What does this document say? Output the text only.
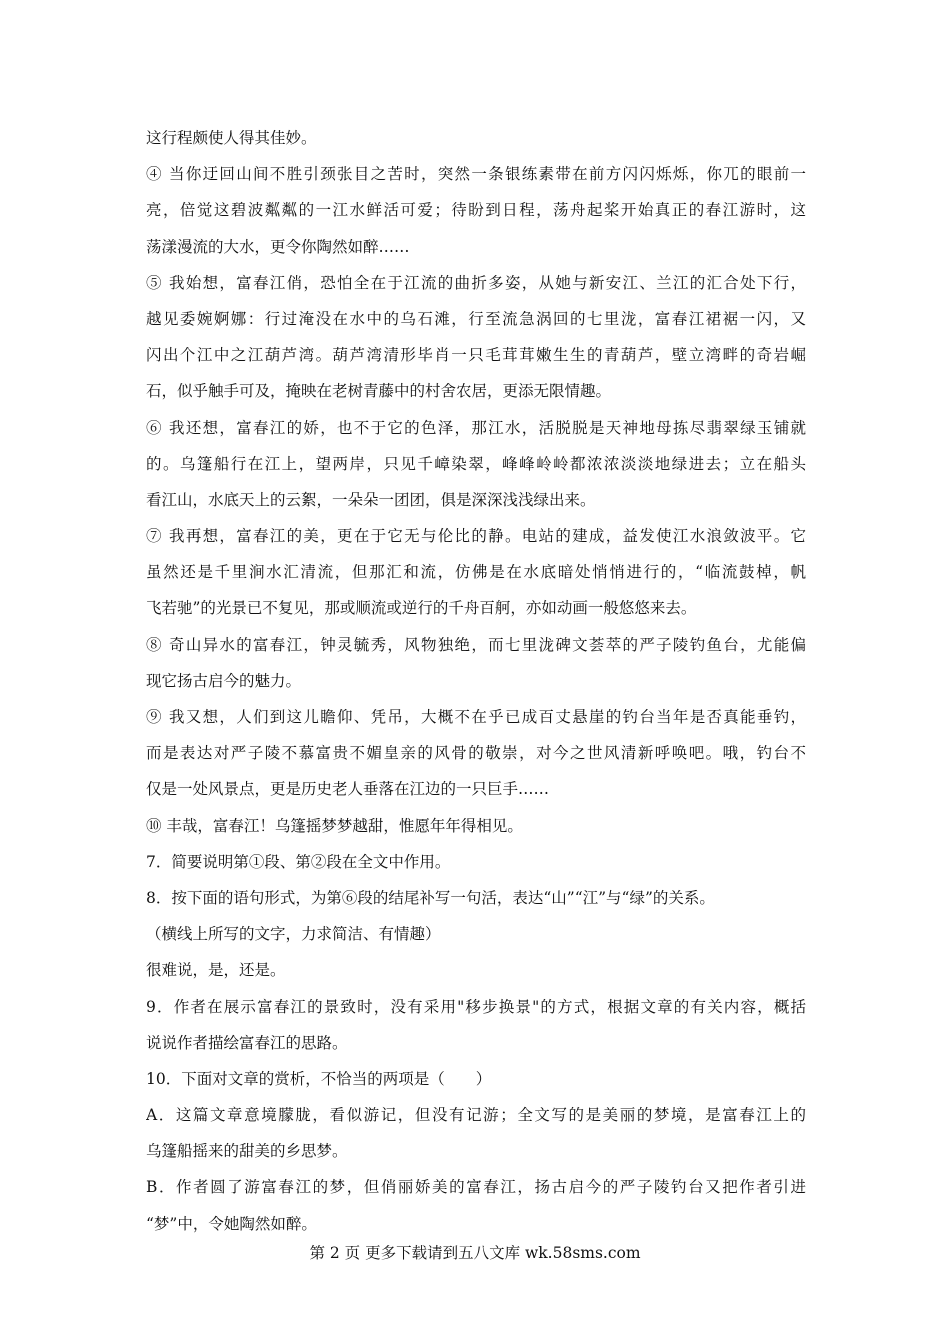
这行程颇使人得其佳妙。
④ 当你迂回山间不胜引颈张目之苦时，突然一条银练素带在前方闪闪烁烁，你兀的眼前一
亮，倍觉这碧波粼粼的一江水鲜活可爱；待盼到日程，荡舟起桨开始真正的春江游时，这
荡漾漫流的大水，更令你陶然如醉……
⑤ 我始想，富春江俏，恐怕全在于江流的曲折多姿，从她与新安江、兰江的汇合处下行，
越见委婉婀娜：行过淹没在水中的乌石滩，行至流急涡回的七里泷，富春江裙裾一闪，又
闪出个江中之江葫芦湾。葫芦湾清形毕肖一只毛茸茸嫩生生的青葫芦，壁立湾畔的奇岩崛
石，似乎触手可及，掩映在老树青藤中的村舍农居，更添无限情趣。
⑥ 我还想，富春江的娇，也不于它的色泽，那江水，活脱脱是天神地母拣尽翡翠绿玉铺就
的。乌篷船行在江上，望两岸，只见千嶂染翠，峰峰岭岭都浓浓淡淡地绿进去；立在船头
看江山，水底天上的云絮，一朵朵一团团，俱是深深浅浅绿出来。
⑦ 我再想，富春江的美，更在于它无与伦比的静。电站的建成，益发使江水浪敛波平。它
虽然还是千里涧水汇清流，但那汇和流，仿佛是在水底暗处悄悄进行的，“临流鼓棹，帆
飞若驰”的光景已不复见，那或顺流或逆行的千舟百舸，亦如动画一般悠悠来去。
⑧ 奇山异水的富春江，钟灵毓秀，风物独绝，而七里泷碑文荟萃的严子陵钓鱼台，尤能偏
现它扬古启今的魅力。
⑨ 我又想，人们到这儿瞻仰、凭吊，大概不在乎已成百丈悬崖的钓台当年是否真能垂钓，
而是表达对严子陵不慕富贵不媚皇亲的风骨的敬崇，对今之世风清新呼唤吧。哦，钓台不
仅是一处风景点，更是历史老人垂落在江边的一只巨手……
⑩ 丰哉，富春江！乌篷摇梦梦越甜，惟愿年年得相见。
7．简要说明第①段、第②段在全文中作用。
8．按下面的语句形式，为第⑥段的结尾补写一句活，表达“山”“江”与“绿”的关系。
（横线上所写的文字，力求简洁、有情趣）
很难说，是，还是。
9．作者在展示富春江的景致时，没有采用"移步换景"的方式，根据文章的有关内容，概括
说说作者描绘富春江的思路。
10．下面对文章的赏析，不恰当的两项是（　　）
A．这篇文章意境朦胧，看似游记，但没有记游；全文写的是美丽的梦境，是富春江上的
乌篷船摇来的甜美的乡思梦。
B．作者圆了游富春江的梦，但俏丽娇美的富春江，扬古启今的严子陵钓台又把作者引进
“梦”中，令她陶然如醉。
第 2 页 更多下载请到五八文库 wk.58sms.com
